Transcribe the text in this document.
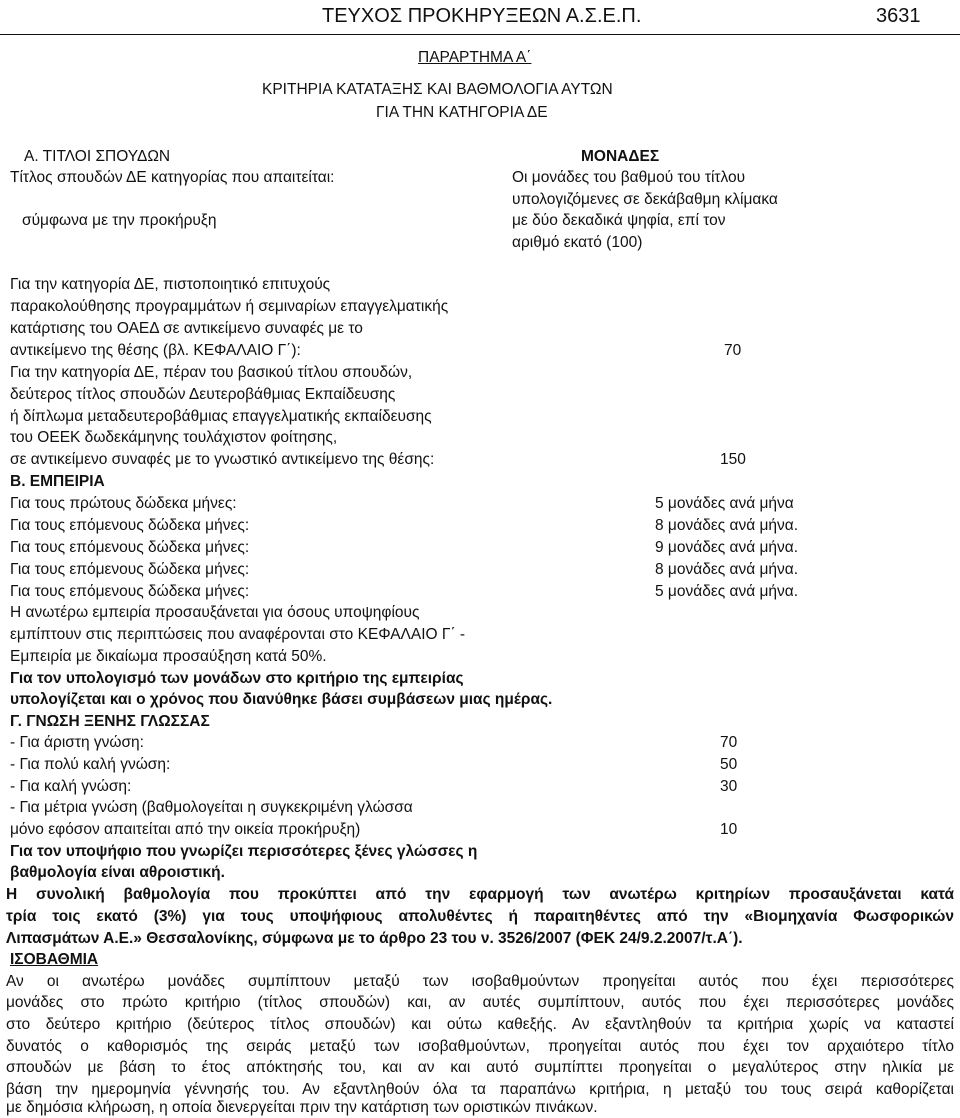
ΤΕΥΧΟΣ ΠΡΟΚΗΡΥΞΕΩΝ Α.Σ.Ε.Π.	3631
ΠΑΡΑΡΤΗΜΑ Α΄
ΚΡΙΤΗΡΙΑ ΚΑΤΑΤΑΞΗΣ ΚΑΙ ΒΑΘΜΟΛΟΓΙΑ ΑΥΤΩΝ
ΓΙΑ ΤΗΝ ΚΑΤΗΓΟΡΙΑ ΔΕ
Α. ΤΙΤΛΟΙ ΣΠΟΥΔΩΝ	ΜΟΝΑΔΕΣ
Τίτλος σπουδών ΔΕ κατηγορίας που απαιτείται:
σύμφωνα με την προκήρυξη
Οι μονάδες του βαθμού του τίτλου
υπολογιζόμενες σε δεκάβαθμη κλίμακα
με δύο δεκαδικά ψηφία, επί τον
αριθμό εκατό (100)
Για την κατηγορία ΔΕ, πιστοποιητικό επιτυχούς
παρακολούθησης προγραμμάτων ή σεμιναρίων επαγγελματικής
κατάρτισης του ΟΑΕΔ σε αντικείμενο συναφές με το
αντικείμενο της θέσης (βλ. ΚΕΦΑΛΑΙΟ Γ΄):	70
Για την κατηγορία ΔΕ, πέραν του βασικού τίτλου σπουδών,
δεύτερος τίτλος σπουδών Δευτεροβάθμιας Εκπαίδευσης
ή δίπλωμα μεταδευτεροβάθμιας επαγγελματικής εκπαίδευσης
του ΟΕΕΚ δωδεκάμηνης τουλάχιστον φοίτησης,
σε αντικείμενο συναφές με το γνωστικό αντικείμενο της θέσης:	150
Β. ΕΜΠΕΙΡΙΑ
Για τους πρώτους δώδεκα μήνες:	5 μονάδες ανά μήνα
Για τους επόμενους δώδεκα μήνες:	8 μονάδες ανά μήνα.
Για τους επόμενους δώδεκα μήνες:	9 μονάδες ανά μήνα.
Για τους επόμενους δώδεκα μήνες:	8 μονάδες ανά μήνα.
Για τους επόμενους δώδεκα μήνες:	5 μονάδες ανά μήνα.
Η ανωτέρω εμπειρία προσαυξάνεται για όσους υποψηφίους
εμπίπτουν στις περιπτώσεις που αναφέρονται στο ΚΕΦΑΛΑΙΟ Γ΄ -
Εμπειρία με δικαίωμα προσαύξηση κατά 50%.
Για τον υπολογισμό των μονάδων στο κριτήριο της εμπειρίας
υπολογίζεται και ο χρόνος που διανύθηκε βάσει συμβάσεων μιας ημέρας.
Γ. ΓΝΩΣΗ ΞΕΝΗΣ ΓΛΩΣΣΑΣ
- Για άριστη γνώση:	70
- Για πολύ καλή γνώση:	50
- Για καλή γνώση:	30
- Για μέτρια γνώση (βαθμολογείται η συγκεκριμένη γλώσσα
μόνο εφόσον απαιτείται από την οικεία προκήρυξη)	10
Για τον υποψήφιο που γνωρίζει περισσότερες ξένες γλώσσες η
βαθμολογία είναι αθροιστική.
Η συνολική βαθμολογία που προκύπτει από την εφαρμογή των ανωτέρω κριτηρίων προσαυξάνεται κατά
τρία τοις εκατό (3%) για τους υποψήφιους απολυθέντες ή παραιτηθέντες από την «Βιομηχανία Φωσφορικών
Λιπασμάτων Α.Ε.» Θεσσαλονίκης, σύμφωνα με το άρθρο 23 του ν. 3526/2007 (ΦΕΚ 24/9.2.2007/τ.Α΄).
ΙΣΟΒΑΘΜΙΑ
Αν οι ανωτέρω μονάδες συμπίπτουν μεταξύ των ισοβαθμούντων προηγείται αυτός που έχει περισσότερες
μονάδες στο πρώτο κριτήριο (τίτλος σπουδών) και, αν αυτές συμπίπτουν, αυτός που έχει περισσότερες μονάδες
στο δεύτερο κριτήριο (δεύτερος τίτλος σπουδών) και ούτω καθεξής. Αν εξαντληθούν τα κριτήρια χωρίς να καταστεί
δυνατός ο καθορισμός της σειράς μεταξύ των ισοβαθμούντων, προηγείται αυτός που έχει τον αρχαιότερο τίτλο
σπουδών με βάση το έτος απόκτησής του, και αν και αυτό συμπίπτει προηγείται ο μεγαλύτερος στην ηλικία με
βάση την ημερομηνία γέννησής του. Αν εξαντληθούν όλα τα παραπάνω κριτήρια, η μεταξύ του τους σειρά καθορίζεται
με δημόσια κλήρωση, η οποία διενεργείται πριν την κατάρτιση των οριστικών πινάκων.
